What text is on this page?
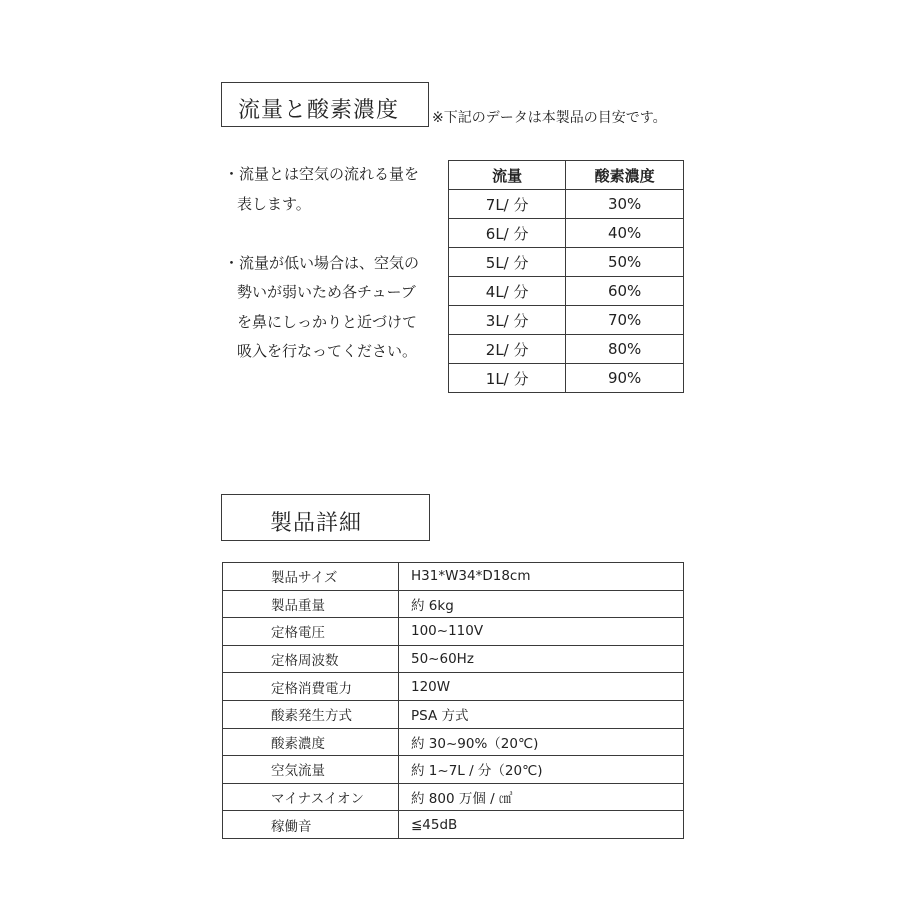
流量と酸素濃度	※下記のデータは本製品の目安です。
・流量とは空気の流れる量を
表します。
・流量が低い場合は、空気の
勢いが弱いため各チューブ
を鼻にしっかりと近づけて
吸入を行なってください。
流量	酸素濃度
7L/ 分	30%
6L/ 分	40%
5L/ 分	50%
4L/ 分	60%
3L/ 分	70%
2L/ 分	80%
1L/ 分	90%
製品詳細
製品サイズ	H31*W34*D18cm
製品重量	約 6kg
定格電圧	100~110V
定格周波数	50~60Hz
定格消費電力	120W
酸素発生方式	PSA 方式
酸素濃度	約 30~90%（20℃)
空気流量	約 1~7L / 分（20℃)
マイナスイオン	約 800 万個 / ㎤
稼働音	≦45dB
